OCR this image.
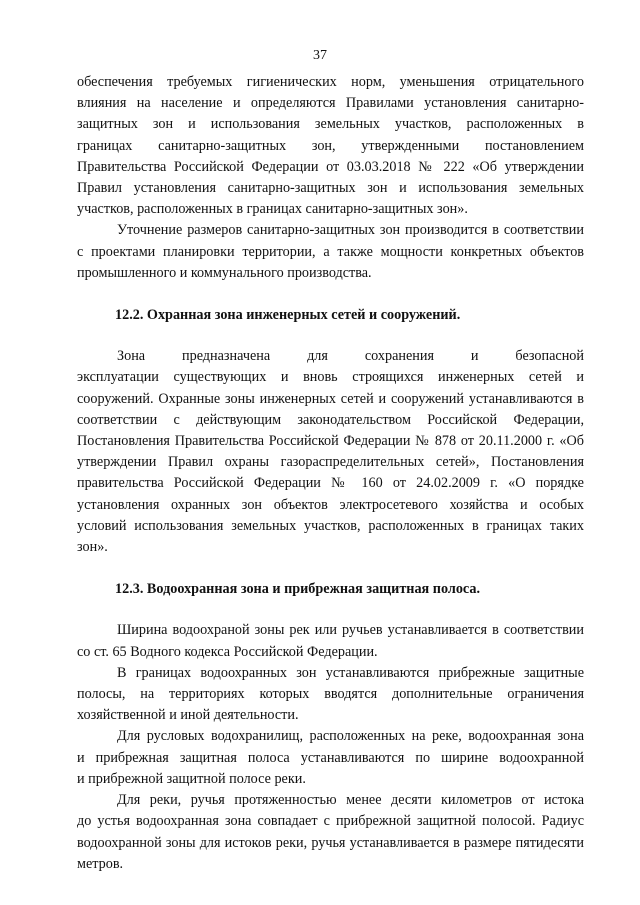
37
обеспечения требуемых гигиенических норм, уменьшения отрицательного
влияния на население и определяются Правилами установления санитарно-
защитных зон и использования земельных участков, расположенных в
границах санитарно-защитных зон, утвержденными постановлением
Правительства Российской Федерации от 03.03.2018 № 222 «Об утверждении
Правил установления санитарно-защитных зон и использования земельных
участков, расположенных в границах санитарно-защитных зон».
Уточнение размеров санитарно-защитных зон производится в соответствии
с проектами планировки территории, а также мощности конкретных объектов
промышленного и коммунального производства.
12.2. Охранная зона инженерных сетей и сооружений.
Зона предназначена для сохранения и безопасной
эксплуатации существующих и вновь строящихся инженерных сетей и
сооружений. Охранные зоны инженерных сетей и сооружений устанавливаются в
соответствии с действующим законодательством Российской Федерации,
Постановления Правительства Российской Федерации № 878 от 20.11.2000 г. «Об
утверждении Правил охраны газораспределительных сетей», Постановления
правительства Российской Федерации № 160 от 24.02.2009 г. «О порядке
установления охранных зон объектов электросетевого хозяйства и особых
условий использования земельных участков, расположенных в границах таких
зон».
12.3. Водоохранная зона и прибрежная защитная полоса.
Ширина водоохраной зоны рек или ручьев устанавливается в соответствии
со ст. 65 Водного кодекса Российской Федерации.
В границах водоохранных зон устанавливаются прибрежные защитные
полосы, на территориях которых вводятся дополнительные ограничения
хозяйственной и иной деятельности.
Для русловых водохранилищ, расположенных на реке, водоохранная зона
и прибрежная защитная полоса устанавливаются по ширине водоохранной
и прибрежной защитной полосе реки.
Для реки, ручья протяженностью менее десяти километров от истока
до устья водоохранная зона совпадает с прибрежной защитной полосой. Радиус
водоохранной зоны для истоков реки, ручья устанавливается в размере пятидесяти
метров.
